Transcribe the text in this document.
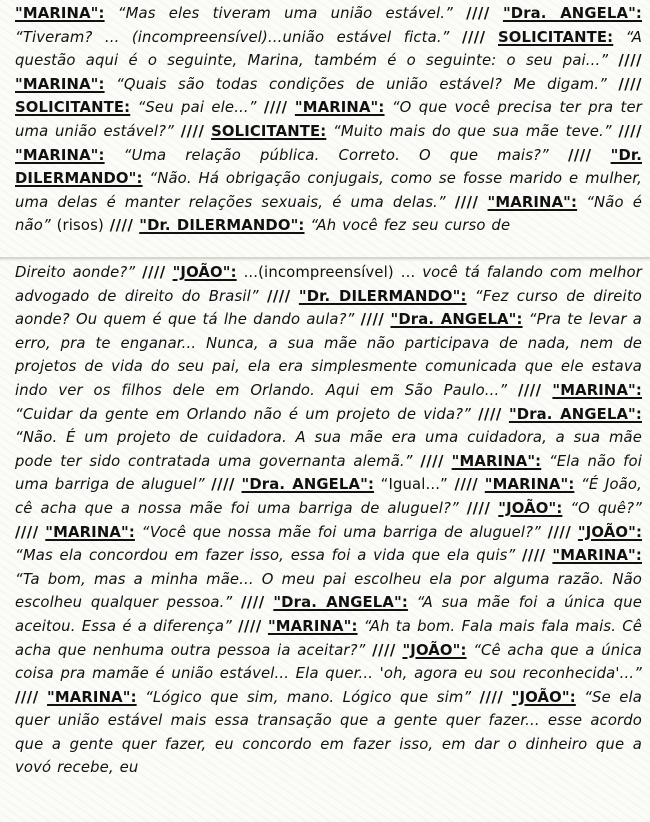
"MARINA": “Mas eles tiveram uma união estável.” //// "Dra. ANGELA": “Tiveram? ... (incompreensível)...união estável ficta.” //// SOLICITANTE: “A questão aqui é o seguinte, Marina, também é o seguinte: o seu pai...” //// "MARINA": “Quais são todas condições de união estável? Me digam.” //// SOLICITANTE: “Seu pai ele...” //// "MARINA": “O que você precisa ter pra ter uma união estável?” //// SOLICITANTE: “Muito mais do que sua mãe teve.” //// "MARINA": “Uma relação pública. Correto. O que mais?” //// "Dr. DILERMANDO": “Não. Há obrigação conjugais, como se fosse marido e mulher, uma delas é manter relações sexuais, é uma delas.” //// "MARINA": “Não é não” (risos) //// "Dr. DILERMANDO": “Ah você fez seu curso de

Direito aonde?” //// "JOÃO": ...(incompreensível) ... você tá falando com melhor advogado de direito do Brasil” //// "Dr. DILERMANDO": “Fez curso de direito aonde? Ou quem é que tá lhe dando aula?” //// "Dra. ANGELA": “Pra te levar a erro, pra te enganar... Nunca, a sua mãe não participava de nada, nem de projetos de vida do seu pai, ela era simplesmente comunicada que ele estava indo ver os filhos dele em Orlando. Aqui em São Paulo...” //// "MARINA": “Cuidar da gente em Orlando não é um projeto de vida?” //// "Dra. ANGELA": “Não. É um projeto de cuidadora. A sua mãe era uma cuidadora, a sua mãe pode ter sido contratada uma governanta alemã.” //// "MARINA": “Ela não foi uma barriga de aluguel” //// "Dra. ANGELA": “Igual...” //// "MARINA": “É João, cê acha que a nossa mãe foi uma barriga de aluguel?” //// "JOÃO": “O quê?” //// "MARINA": “Você que nossa mãe foi uma barriga de aluguel?” //// "JOÃO": “Mas ela concordou em fazer isso, essa foi a vida que ela quis” //// "MARINA": “Ta bom, mas a minha mãe... O meu pai escolheu ela por alguma razão. Não escolheu qualquer pessoa.” //// "Dra. ANGELA": “A sua mãe foi a única que aceitou. Essa é a diferença” //// "MARINA": “Ah ta bom. Fala mais fala mais. Cê acha que nenhuma outra pessoa ia aceitar?” //// "JOÃO": “Cê acha que a única coisa pra mamãe é união estável... Ela quer... 'oh, agora eu sou reconhecida'...” //// "MARINA": “Lógico que sim, mano. Lógico que sim” //// "JOÃO": “Se ela quer união estável mais essa transação que a gente quer fazer... esse acordo que a gente quer fazer, eu concordo em fazer isso, em dar o dinheiro que a vovó recebe, eu
